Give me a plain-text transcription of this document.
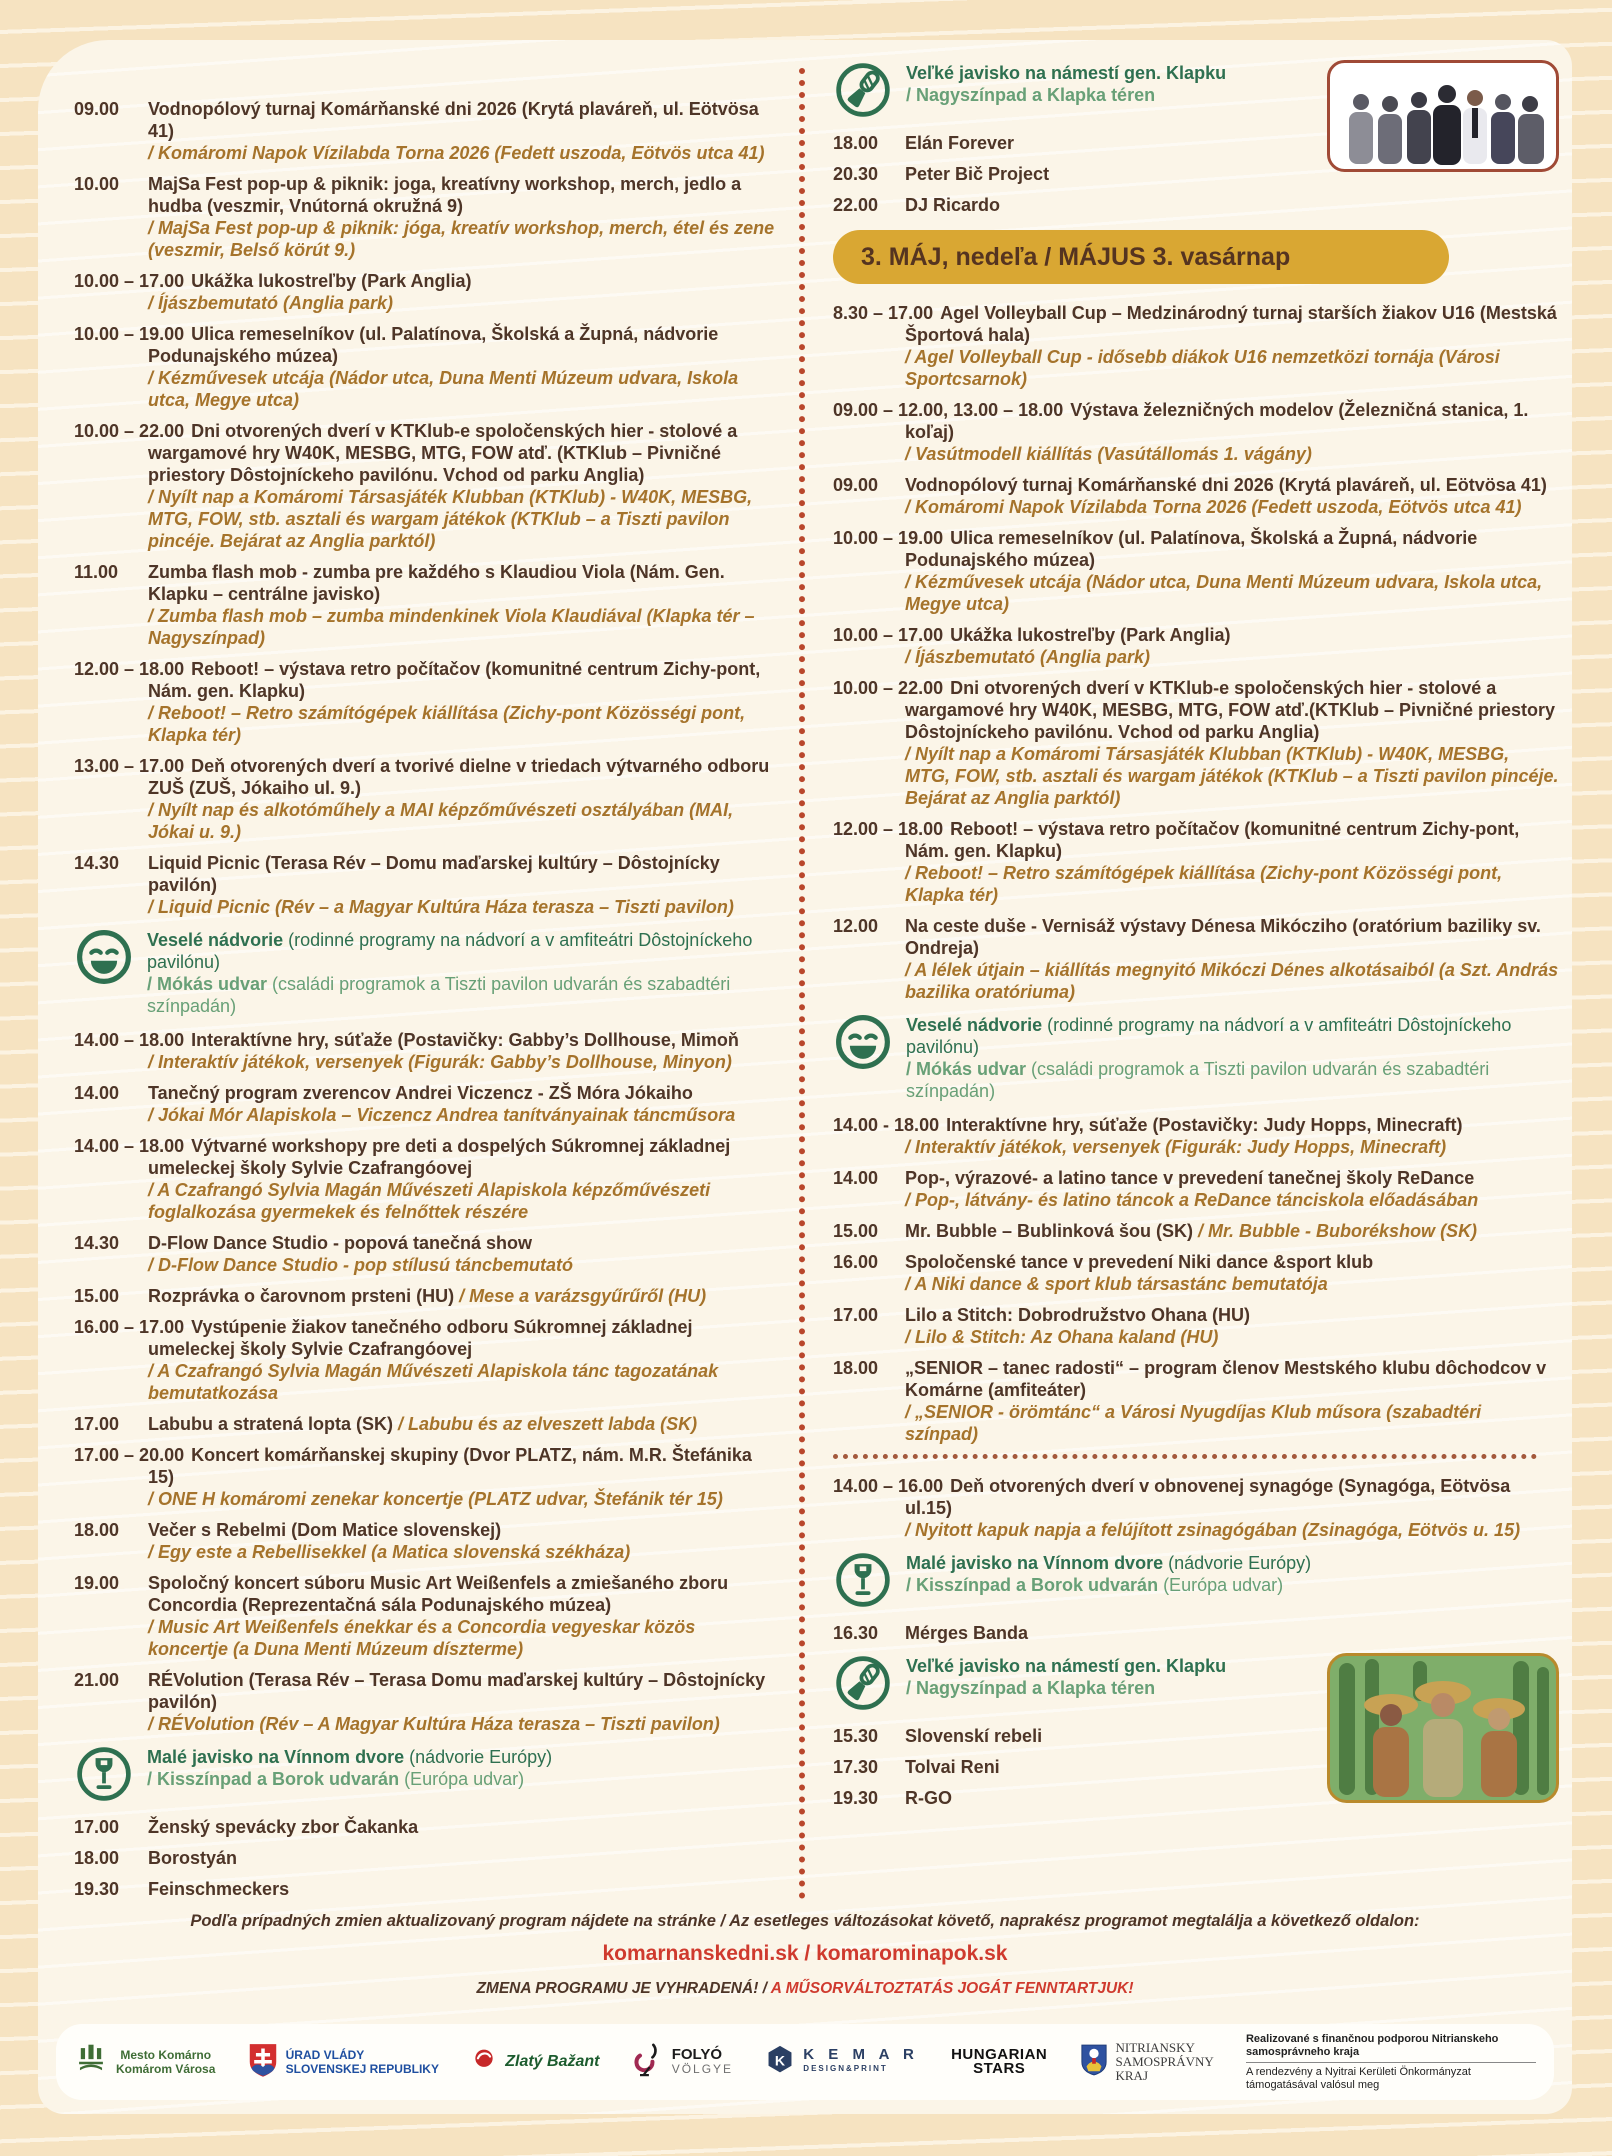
09.00 Vodnopólový turnaj Komárňanské dni 2026 (Krytá plaváreň, ul. Eötvösa 41)

/ Komáromi Napok Vízilabda Torna 2026 (Fedett uszoda, Eötvös utca 41)

10.00 MajSa Fest pop-up & piknik: joga, kreatívny workshop, merch, jedlo a hudba (veszmir, Vnútorná okružná 9)

/ MajSa Fest pop-up & piknik: jóga, kreatív workshop, merch, étel és zene (veszmir, Belső körút 9.)

10.00 – 17.00 Ukážka lukostreľby (Park Anglia)

/ Íjászbemutató (Anglia park)

10.00 – 19.00 Ulica remeselníkov (ul. Palatínova, Školská a Župná, nádvorie Podunajského múzea)

/ Kézművesek utcája (Nádor utca, Duna Menti Múzeum udvara, Iskola utca, Megye utca)

10.00 – 22.00 Dni otvorených dverí v KTKlub-e spoločenských hier - stolové a wargamové hry W40K, MESBG, MTG, FOW atď. (KTKlub – Pivničné priestory Dôstojníckeho pavilónu. Vchod od parku Anglia)

/ Nyílt nap a Komáromi Társasjáték Klubban (KTKlub) - W40K, MESBG, MTG, FOW, stb. asztali és wargam játékok (KTKlub – a Tiszti pavilon pincéje. Bejárat az Anglia parktól)

11.00 Zumba flash mob - zumba pre každého s Klaudiou Viola (Nám. Gen. Klapku – centrálne javisko)

/ Zumba flash mob – zumba mindenkinek Viola Klaudiával (Klapka tér – Nagyszínpad)

12.00 – 18.00 Reboot! – výstava retro počítačov (komunitné centrum Zichy-pont, Nám. gen. Klapku)

/ Reboot! – Retro számítógépek kiállítása (Zichy-pont Közösségi pont, Klapka tér)

13.00 – 17.00 Deň otvorených dverí a tvorivé dielne v triedach výtvarného odboru ZUŠ (ZUŠ, Jókaiho ul. 9.)

/ Nyílt nap és alkotóműhely a MAI képzőművészeti osztályában (MAI, Jókai u. 9.)

14.30 Liquid Picnic (Terasa Rév – Domu maďarskej kultúry – Dôstojnícky pavilón)

/ Liquid Picnic (Rév – a Magyar Kultúra Háza terasza – Tiszti pavilon)

Veselé nádvorie (rodinné programy na nádvorí a v amfiteátri Dôstojníckeho pavilónu)

/ Mókás udvar (családi programok a Tiszti pavilon udvarán és szabadtéri színpadán)

14.00 – 18.00 Interaktívne hry, súťaže (Postavičky: Gabby’s Dollhouse, Mimoň

/ Interaktív játékok, versenyek (Figurák: Gabby’s Dollhouse, Minyon)

14.00 Tanečný program zverencov Andrei Viczencz - ZŠ Móra Jókaiho

/ Jókai Mór Alapiskola – Viczencz Andrea tanítványainak táncműsora

14.00 – 18.00 Výtvarné workshopy pre deti a dospelých Súkromnej základnej umeleckej školy Sylvie Czafrangóovej

/ A Czafrangó Sylvia Magán Művészeti Alapiskola képzőművészeti foglalkozása gyermekek és felnőttek részére

14.30 D-Flow Dance Studio - popová tanečná show

/ D-Flow Dance Studio - pop stílusú táncbemutató

15.00 Rozprávka o čarovnom prsteni (HU) / Mese a varázsgyűrűről (HU)

16.00 – 17.00 Vystúpenie žiakov tanečného odboru Súkromnej základnej umeleckej školy Sylvie Czafrangóovej

/ A Czafrangó Sylvia Magán Művészeti Alapiskola tánc tagozatának bemutatkozása

17.00 Labubu a stratená lopta (SK) / Labubu és az elveszett labda (SK)

17.00 – 20.00 Koncert komárňanskej skupiny (Dvor PLATZ, nám. M.R. Štefánika 15)

/ ONE H komáromi zenekar koncertje (PLATZ udvar, Štefánik tér 15)

18.00 Večer s Rebelmi (Dom Matice slovenskej)

/ Egy este a Rebellisekkel (a Matica slovenská székháza)

19.00 Spoločný koncert súboru Music Art Weißenfels a zmiešaného zboru Concordia (Reprezentačná sála Podunajského múzea)

/ Music Art Weißenfels énekkar és a Concordia vegyeskar közös koncertje (a Duna Menti Múzeum díszterme)

21.00 RÉVolution (Terasa Rév – Terasa Domu maďarskej kultúry – Dôstojnícky pavilón)

/ RÉVolution (Rév – A Magyar Kultúra Háza terasza – Tiszti pavilon)

Malé javisko na Vínnom dvore (nádvorie Európy)

/ Kisszínpad a Borok udvarán (Európa udvar)

17.00 Ženský spevácky zbor Čakanka

18.00 Borostyán

19.30 Feinschmeckers

Veľké javisko na námestí gen. Klapku

/ Nagyszínpad a Klapka téren

18.00 Elán Forever

20.30 Peter Bič Project

22.00 DJ Ricardo

3. MÁJ, nedeľa / MÁJUS 3. vasárnap

8.30 – 17.00 Agel Volleyball Cup – Medzinárodný turnaj starších žiakov U16 (Mestská Športová hala)

/ Agel Volleyball Cup - idősebb diákok U16 nemzetközi tornája (Városi Sportcsarnok)

09.00 – 12.00, 13.00 – 18.00 Výstava železničných modelov (Železničná stanica, 1. koľaj)

/ Vasútmodell kiállítás (Vasútállomás 1. vágány)

09.00 Vodnopólový turnaj Komárňanské dni 2026 (Krytá plaváreň, ul. Eötvösa 41)

/ Komáromi Napok Vízilabda Torna 2026 (Fedett uszoda, Eötvös utca 41)

10.00 – 19.00 Ulica remeselníkov (ul. Palatínova, Školská a Župná, nádvorie Podunajského múzea)

/ Kézművesek utcája (Nádor utca, Duna Menti Múzeum udvara, Iskola utca, Megye utca)

10.00 – 17.00 Ukážka lukostreľby (Park Anglia)

/ Íjászbemutató (Anglia park)

10.00 – 22.00 Dni otvorených dverí v KTKlub-e spoločenských hier - stolové a wargamové hry W40K, MESBG, MTG, FOW atď.(KTKlub – Pivničné priestory Dôstojníckeho pavilónu. Vchod od parku Anglia)

/ Nyílt nap a Komáromi Társasjáték Klubban (KTKlub) - W40K, MESBG, MTG, FOW, stb. asztali és wargam játékok (KTKlub – a Tiszti pavilon pincéje. Bejárat az Anglia parktól)

12.00 – 18.00 Reboot! – výstava retro počítačov (komunitné centrum Zichy-pont, Nám. gen. Klapku)

/ Reboot! – Retro számítógépek kiállítása (Zichy-pont Közösségi pont, Klapka tér)

12.00 Na ceste duše - Vernisáž výstavy Dénesa Mikócziho (oratórium baziliky sv. Ondreja)

/ A lélek útjain – kiállítás megnyitó Mikóczi Dénes alkotásaiból (a Szt. András bazilika oratóriuma)

Veselé nádvorie (rodinné programy na nádvorí a v amfiteátri Dôstojníckeho pavilónu)

/ Mókás udvar (családi programok a Tiszti pavilon udvarán és szabadtéri színpadán)

14.00 - 18.00 Interaktívne hry, súťaže (Postavičky: Judy Hopps, Minecraft)

/ Interaktív játékok, versenyek (Figurák: Judy Hopps, Minecraft)

14.00 Pop-, výrazové- a latino tance v prevedení tanečnej školy ReDance

/ Pop-, látvány- és latino táncok a ReDance tánciskola előadásában

15.00 Mr. Bubble – Bublinková šou (SK) / Mr. Bubble - Buborékshow (SK)

16.00 Spoločenské tance v prevedení Niki dance &sport klub

/ A Niki dance & sport klub társastánc bemutatója

17.00 Lilo a Stitch: Dobrodružstvo Ohana (HU)

/ Lilo & Stitch: Az Ohana kaland (HU)

18.00 „SENIOR – tanec radosti“ – program členov Mestského klubu dôchodcov v Komárne (amfiteáter)

/ „SENIOR - örömtánc“ a Városi Nyugdíjas Klub műsora (szabadtéri színpad)

14.00 – 16.00 Deň otvorených dverí v obnovenej synagóge (Synagóga, Eötvösa ul.15)

/ Nyitott kapuk napja a felújított zsinagógában (Zsinagóga, Eötvös u. 15)

Malé javisko na Vínnom dvore (nádvorie Európy)

/ Kisszínpad a Borok udvarán (Európa udvar)

16.30 Mérges Banda

Veľké javisko na námestí gen. Klapku

/ Nagyszínpad a Klapka téren

15.30 Slovenskí rebeli

17.30 Tolvai Reni

19.30 R-GO

Podľa prípadných zmien aktualizovaný program nájdete na stránke / Az esetleges változásokat követő, naprakész programot megtalálja a következő oldalon:
komarnanskedni.sk / komarominapok.sk
ZMENA PROGRAMU JE VYHRADENÁ! / A MŰSORVÁLTOZTATÁS JOGÁT FENNTARTJUK!
Mesto Komárno
Komárom Városa
ÚRAD VLÁDY
SLOVENSKEJ REPUBLIKY	Zlatý Bažant	FOLYÓ
VÖLGYE
K K E M A R
DESIGN&PRINT
HUNGARIAN
STARS
NITRIANSKY
SAMOSPRÁVNY
KRAJ
Realizované s finančnou podporou Nitrianskeho samosprávneho kraja
A rendezvény a Nyitrai Kerületi Önkormányzat támogatásával valósul meg
